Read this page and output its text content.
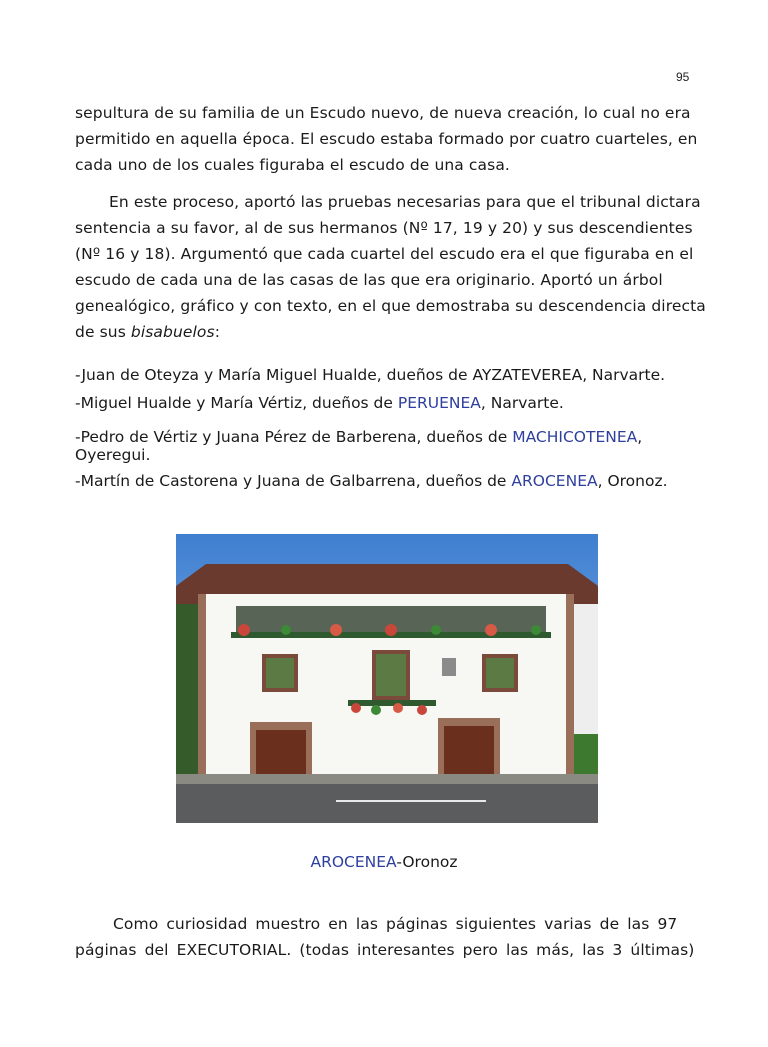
95

sepultura de su familia de un Escudo nuevo, de nueva creación, lo cual no era permitido en aquella época. El escudo estaba formado por cuatro cuarteles, en cada uno de los cuales figuraba el escudo de una casa.

En este proceso, aportó las pruebas necesarias para que el tribunal dictara sentencia a su favor, al de sus hermanos (Nº 17, 19 y 20) y sus descendientes (Nº 16 y 18). Argumentó que cada cuartel del escudo era el que figuraba en el escudo de cada una de las casas de las que era originario. Aportó un árbol genealógico, gráfico y con texto, en el que demostraba su descendencia directa de sus bisabuelos:

-Juan de Oteyza y María Miguel Hualde, dueños de AYZATEVEREA, Narvarte.
-Miguel Hualde y María Vértiz, dueños de PERUENEA, Narvarte.
-Pedro de Vértiz y Juana Pérez de Barberena, dueños de MACHICOTENEA,
Oyeregui.
-Martín de Castorena y Juana de Galbarrena, dueños de AROCENEA, Oronoz.
AROCENEA-Oronoz

Como curiosidad muestro en las páginas siguientes varias de las 97 páginas del EXECUTORIAL. (todas interesantes pero las más, las 3 últimas)
